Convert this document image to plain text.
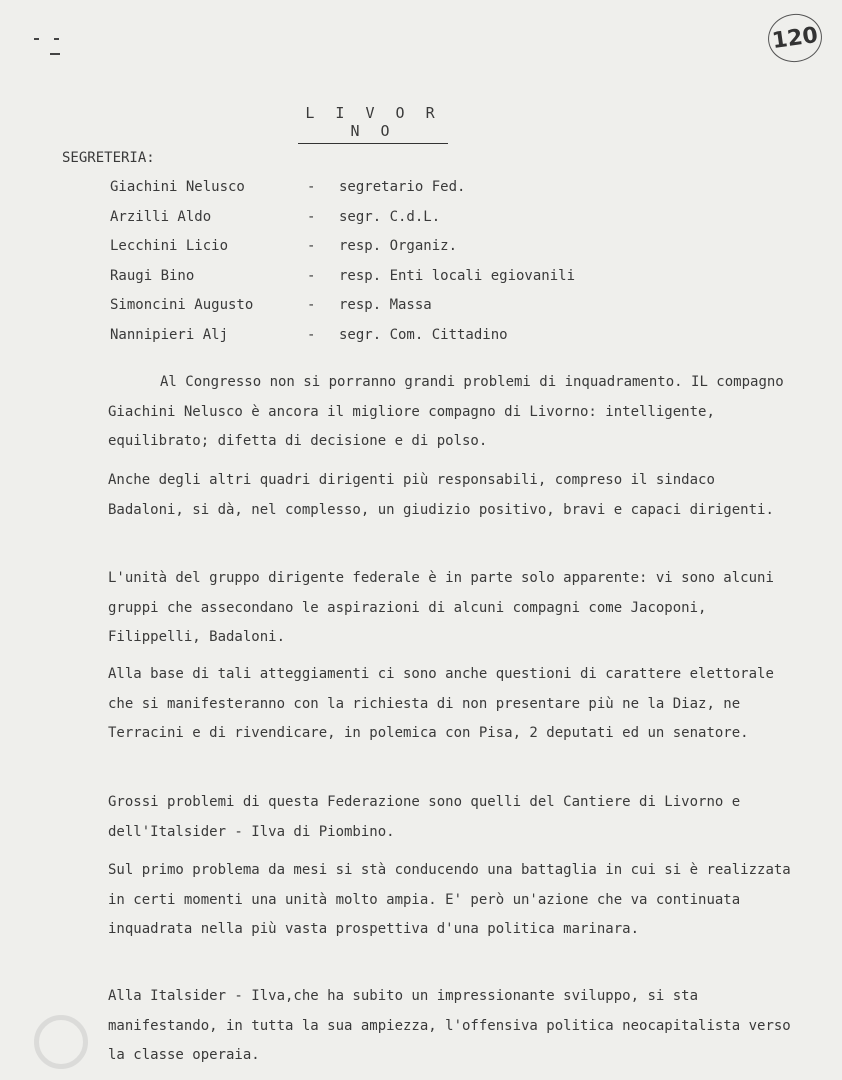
120
L I V O R N O
SEGRETERIA:
Giachini Nelusco	-	segretario Fed.
Arzilli Aldo	-	segr. C.d.L.
Lecchini Licio	-	resp. Organiz.
Raugi Bino	-	resp. Enti locali egiovanili
Simoncini Augusto	-	resp. Massa
Nannipieri Alj	-	segr. Com. Cittadino

Al Congresso non si porranno grandi problemi di inquadramento. IL compagno Giachini Nelusco è ancora il migliore compagno di Livorno: intelligente, equilibrato; difetta di decisione e di polso.

Anche degli altri quadri dirigenti più responsabili, compreso il sindaco Badaloni, si dà, nel complesso, un giudizio positivo, bravi e capaci dirigenti.

L'unità del gruppo dirigente federale è in parte solo apparente: vi sono alcuni gruppi che assecondano le aspirazioni di alcuni compagni come Jacoponi, Filippelli, Badaloni.

Alla base di tali atteggiamenti ci sono anche questioni di carattere elettorale che si manifesteranno con la richiesta di non presentare più ne la Diaz, ne Terracini e di rivendicare, in polemica con Pisa, 2 deputati ed un senatore.

Grossi problemi di questa Federazione sono quelli del Cantiere di Livorno e dell'Italsider - Ilva di Piombino.

Sul primo problema da mesi si stà conducendo una battaglia in cui si è realizzata in certi momenti una unità molto ampia. E' però un'azione che va continuata inquadrata nella più vasta prospettiva d'una politica marinara.

Alla Italsider - Ilva,che ha subito un impressionante sviluppo, si sta manifestando, in tutta la sua ampiezza, l'offensiva politica neocapitalista verso la classe operaia.
